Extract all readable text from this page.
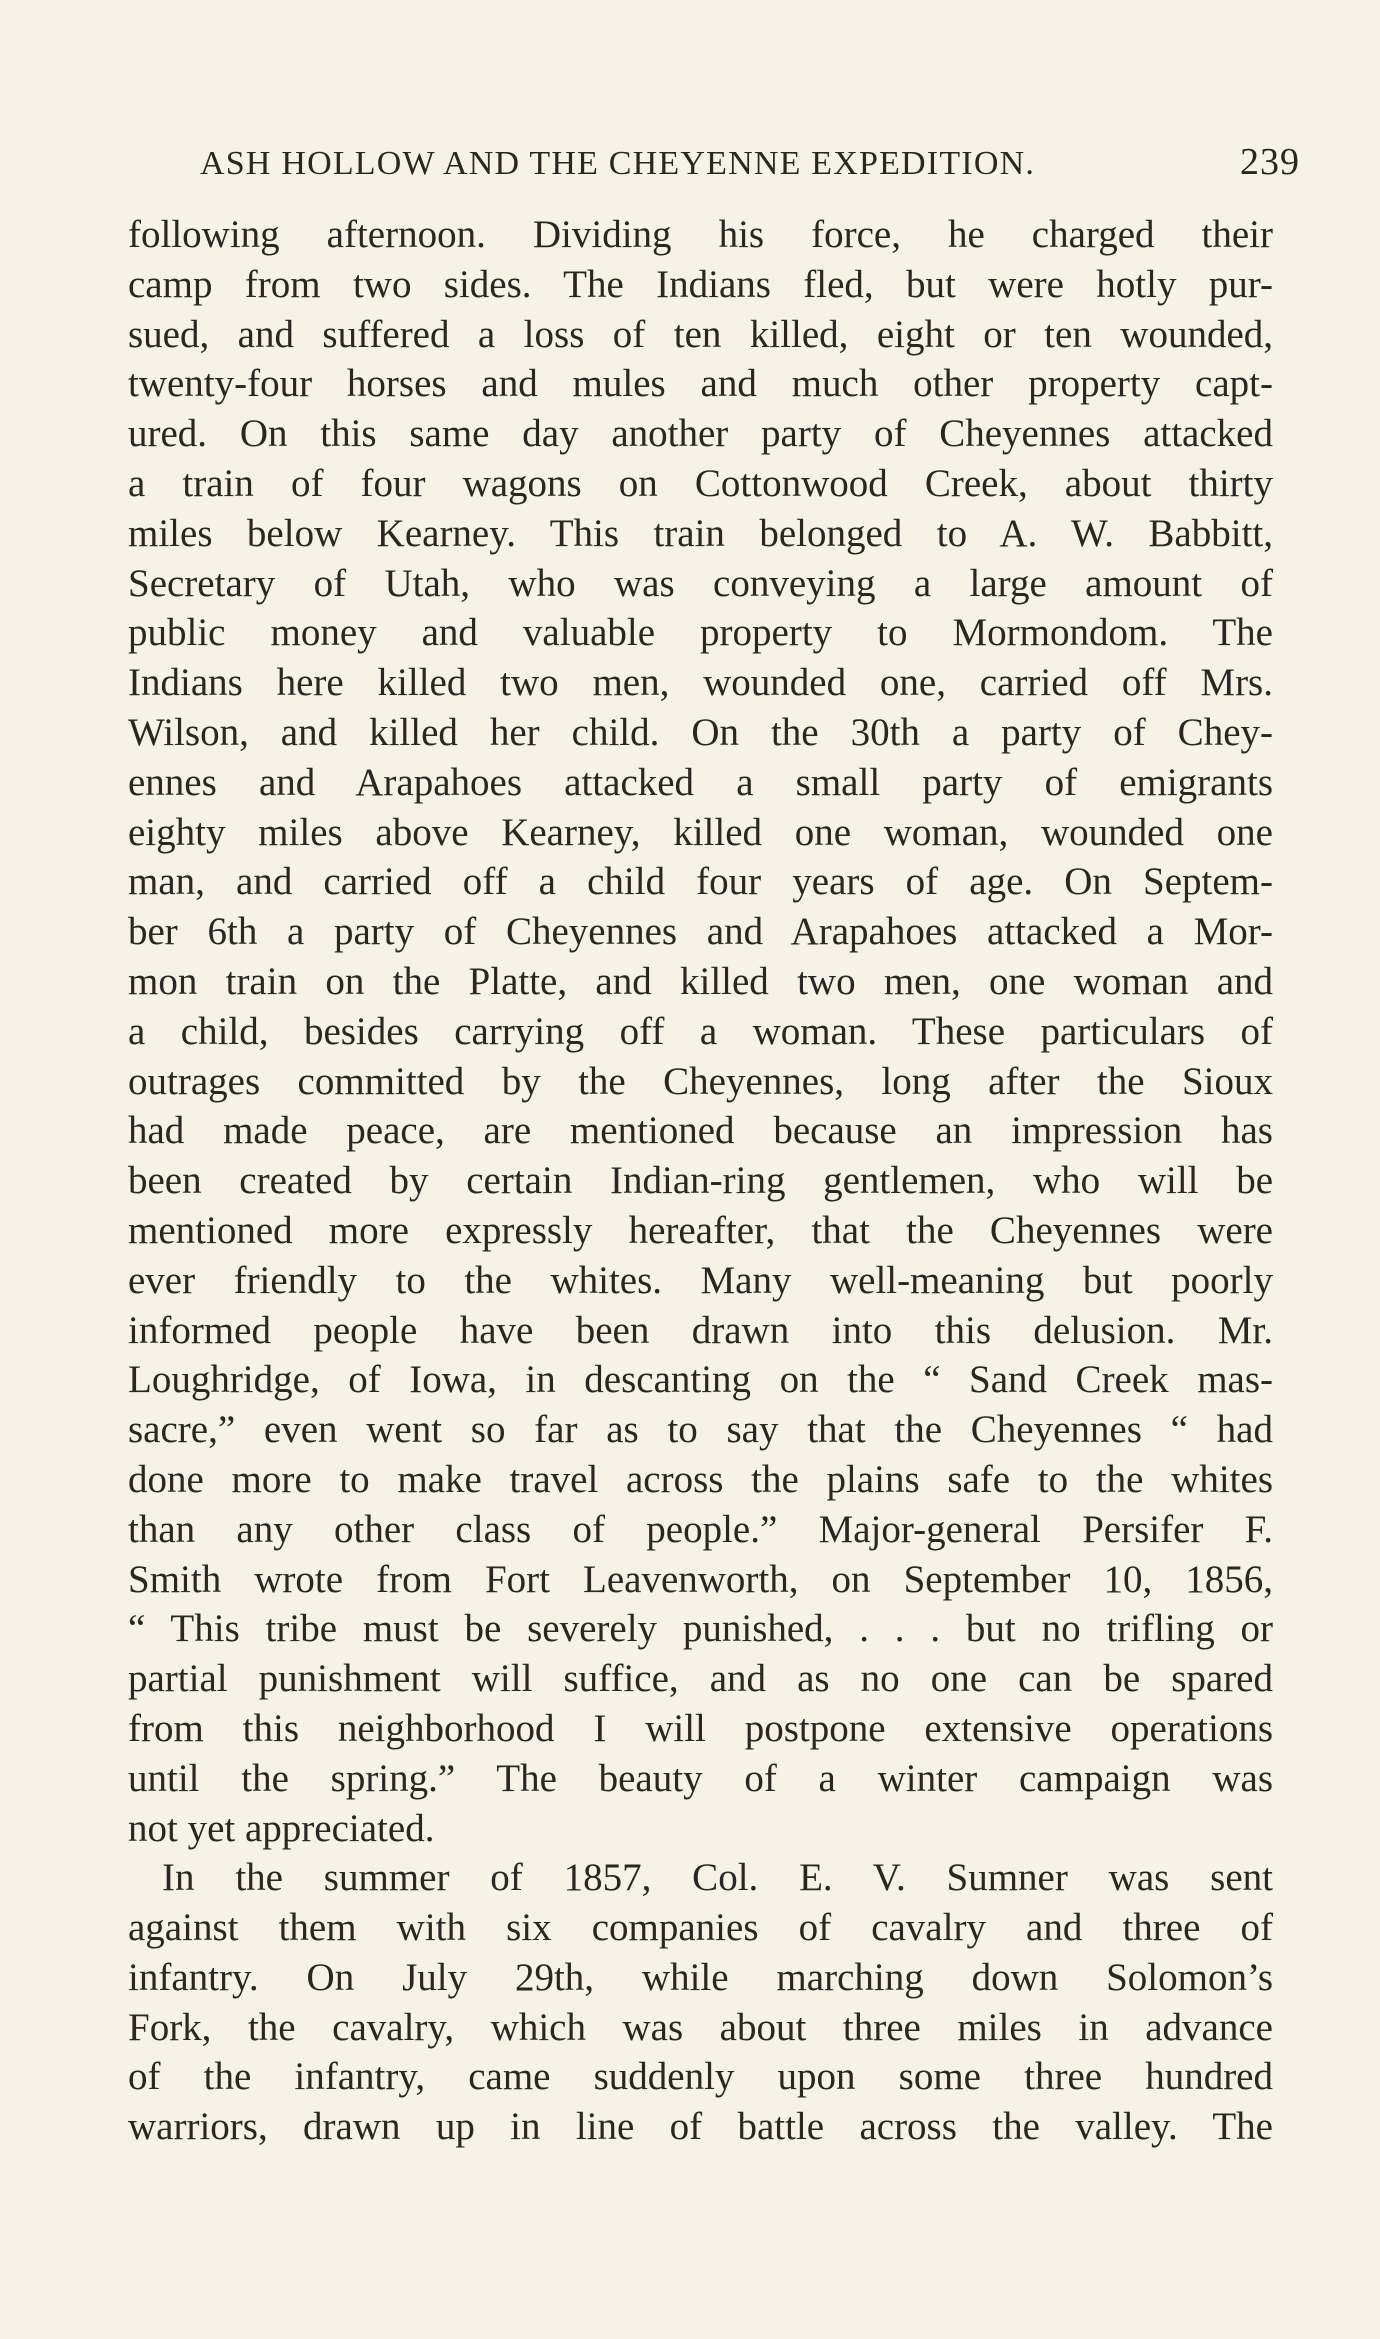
ASH HOLLOW AND THE CHEYENNE EXPEDITION.	239
following afternoon. Dividing his force, he charged their
camp from two sides. The Indians fled, but were hotly pur-
sued, and suffered a loss of ten killed, eight or ten wounded,
twenty-four horses and mules and much other property capt-
ured. On this same day another party of Cheyennes attacked
a train of four wagons on Cottonwood Creek, about thirty
miles below Kearney. This train belonged to A. W. Babbitt,
Secretary of Utah, who was conveying a large amount of
public money and valuable property to Mormondom. The
Indians here killed two men, wounded one, carried off Mrs.
Wilson, and killed her child. On the 30th a party of Chey-
ennes and Arapahoes attacked a small party of emigrants
eighty miles above Kearney, killed one woman, wounded one
man, and carried off a child four years of age. On Septem-
ber 6th a party of Cheyennes and Arapahoes attacked a Mor-
mon train on the Platte, and killed two men, one woman and
a child, besides carrying off a woman. These particulars of
outrages committed by the Cheyennes, long after the Sioux
had made peace, are mentioned because an impression has
been created by certain Indian-ring gentlemen, who will be
mentioned more expressly hereafter, that the Cheyennes were
ever friendly to the whites. Many well-meaning but poorly
informed people have been drawn into this delusion. Mr.
Loughridge, of Iowa, in descanting on the “ Sand Creek mas-
sacre,” even went so far as to say that the Cheyennes “ had
done more to make travel across the plains safe to the whites
than any other class of people.” Major-general Persifer F.
Smith wrote from Fort Leavenworth, on September 10, 1856,
“ This tribe must be severely punished, . . . but no trifling or
partial punishment will suffice, and as no one can be spared
from this neighborhood I will postpone extensive operations
until the spring.” The beauty of a winter campaign was
not yet appreciated.
In the summer of 1857, Col. E. V. Sumner was sent
against them with six companies of cavalry and three of
infantry. On July 29th, while marching down Solomon’s
Fork, the cavalry, which was about three miles in advance
of the infantry, came suddenly upon some three hundred
warriors, drawn up in line of battle across the valley. The
